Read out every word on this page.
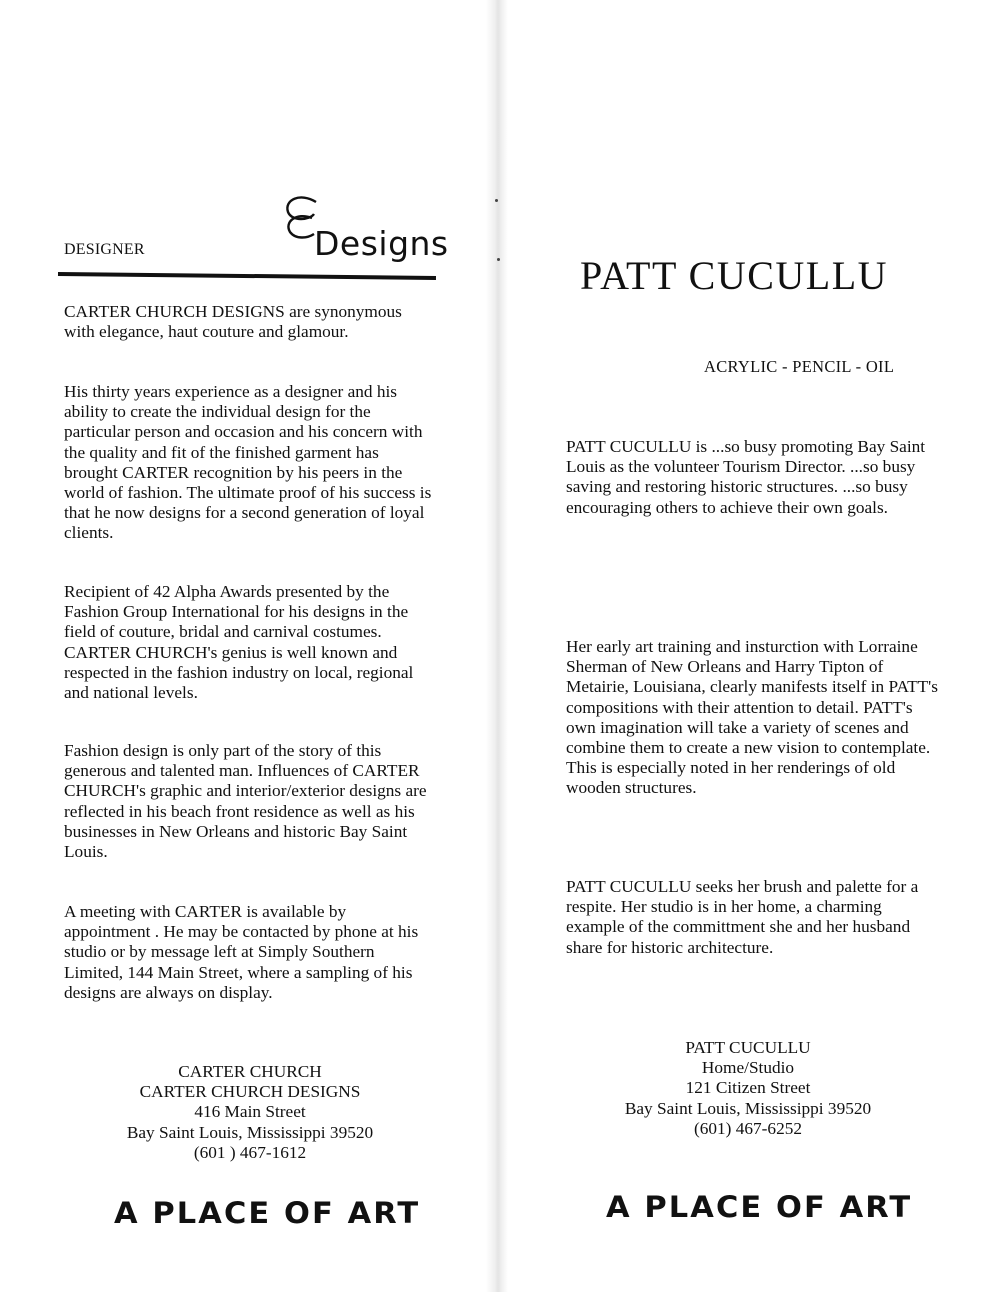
DESIGNER	Designs

CARTER CHURCH DESIGNS are synonymous with elegance, haut couture and glamour.

His thirty years experience as a designer and his ability to create the individual design for the particular person and occasion and his concern with the quality and fit of the finished garment has brought CARTER recognition by his peers in the world of fashion. The ultimate proof of his success is that he now designs for a second generation of loyal clients.

Recipient of 42 Alpha Awards presented by the Fashion Group International for his designs in the field of couture, bridal and carnival costumes. CARTER CHURCH's genius is well known and respected in the fashion industry on local, regional and national levels.

Fashion design is only part of the story of this generous and talented man. Influences of CARTER CHURCH's graphic and interior/exterior designs are reflected in his beach front residence as well as his businesses in New Orleans and historic Bay Saint Louis.

A meeting with CARTER is available by appointment . He may be contacted by phone at his studio or by message left at Simply Southern Limited, 144 Main Street, where a sampling of his designs are always on display.

CARTER CHURCH
CARTER CHURCH DESIGNS
416 Main Street
Bay Saint Louis, Mississippi 39520
(601 ) 467-1612
A PLACE OF ART
PATT CUCULLU
ACRYLIC - PENCIL - OIL

PATT CUCULLU is ...so busy promoting Bay Saint Louis as the volunteer Tourism Director. ...so busy saving and restoring historic structures. ...so busy encouraging others to achieve their own goals.

Her early art training and insturction with Lorraine Sherman of New Orleans and Harry Tipton of Metairie, Louisiana, clearly manifests itself in PATT's compositions with their attention to detail. PATT's own imagination will take a variety of scenes and combine them to create a new vision to contemplate. This is especially noted in her renderings of old wooden structures.

PATT CUCULLU seeks her brush and palette for a respite. Her studio is in her home, a charming example of the committment she and her husband share for historic architecture.

PATT CUCULLU
Home/Studio
121 Citizen Street
Bay Saint Louis, Mississippi 39520
(601) 467-6252
A PLACE OF ART
